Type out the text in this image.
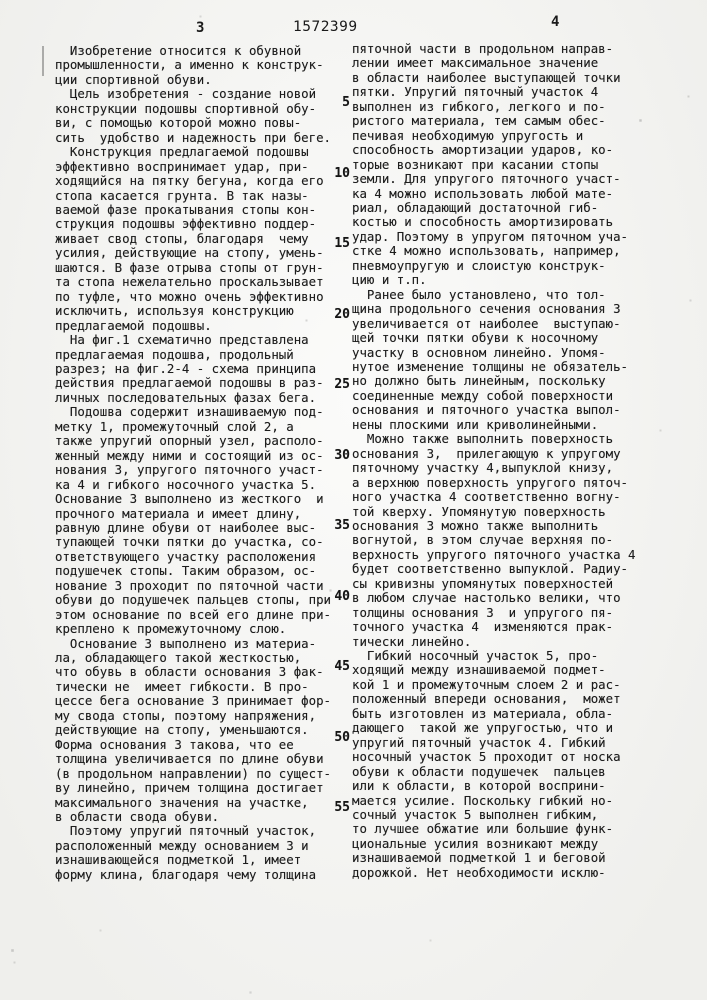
3	1572399	4
Изобретение относится к обувной
промышленности, а именно к конструк-
ции спортивной обуви.
Цель изобретения - создание новой
конструкции подошвы спортивной обу-
ви, с помощью которой можно повы-
сить  удобство и надежность при беге.
Конструкция предлагаемой подошвы
эффективно воспринимает удар, при-
ходящийся на пятку бегуна, когда его
стопа касается грунта. В так назы-
ваемой фазе прокатывания стопы кон-
струкция подошвы эффективно поддер-
живает свод стопы, благодаря  чему
усилия, действующие на стопу, умень-
шаются. В фазе отрыва стопы от грун-
та стопа нежелательно проскальзывает
по туфле, что можно очень эффективно
исключить, используя конструкцию
предлагаемой подошвы.
На фиг.1 схематично представлена
предлагаемая подошва, продольный
разрез; на фиг.2-4 - схема принципа
действия предлагаемой подошвы в раз-
личных последовательных фазах бега.
Подошва содержит изнашиваемую под-
метку 1, промежуточный слой 2, а
также упругий опорный узел, располо-
женный между ними и состоящий из ос-
нования 3, упругого пяточного участ-
ка 4 и гибкого носочного участка 5.
Основание 3 выполнено из жесткого  и
прочного материала и имеет длину,
равную длине обуви от наиболее выс-
тупающей точки пятки до участка, со-
ответствующего участку расположения
подушечек стопы. Таким образом, ос-
нование 3 проходит по пяточной части
обуви до подушечек пальцев стопы, при
этом основание по всей его длине при-
креплено к промежуточному слою.
Основание 3 выполнено из материа-
ла, обладающего такой жесткостью,
что обувь в области основания 3 фак-
тически не  имеет гибкости. В про-
цессе бега основание 3 принимает фор-
му свода стопы, поэтому напряжения,
действующие на стопу, уменьшаются.
Форма основания 3 такова, что ее
толщина увеличивается по длине обуви
(в продольном направлении) по сущест-
ву линейно, причем толщина достигает
максимального значения на участке,
в области свода обуви.
Поэтому упругий пяточный участок,
расположенный между основанием 3 и
изнашивающейся подметкой 1, имеет
форму клина, благодаря чему толщина
пяточной части в продольном направ-
лении имеет максимальное значение
в области наиболее выступающей точки
пятки. Упругий пяточный участок 4
выполнен из гибкого, легкого и по-
ристого материала, тем самым обес-
печивая необходимую упругость и
способность амортизации ударов, ко-
торые возникают при касании стопы
земли. Для упругого пяточного участ-
ка 4 можно использовать любой мате-
риал, обладающий достаточной гиб-
костью и способность амортизировать
удар. Поэтому в упругом пяточном уча-
стке 4 можно использовать, например,
пневмоупругую и слоистую конструк-
цию и т.п.
Ранее было установлено, что тол-
щина продольного сечения основания 3
увеличивается от наиболее  выступаю-
щей точки пятки обуви к носочному
участку в основном линейно. Упомя-
нутое изменение толщины не обязатель-
но должно быть линейным, поскольку
соединенные между собой поверхности
основания и пяточного участка выпол-
нены плоскими или криволинейными.
Можно также выполнить поверхность
основания 3,  прилегающую к упругому
пяточному участку 4,выпуклой книзу,
а верхнюю поверхность упругого пяточ-
ного участка 4 соответственно вогну-
той кверху. Упомянутую поверхность
основания 3 можно также выполнить
вогнутой, в этом случае верхняя по-
верхность упругого пяточного участка 4
будет соответственно выпуклой. Радиу-
сы кривизны упомянутых поверхностей
в любом случае настолько велики, что
толщины основания 3  и упругого пя-
точного участка 4  изменяются прак-
тически линейно.
Гибкий носочный участок 5, про-
ходящий между изнашиваемой подмет-
кой 1 и промежуточным слоем 2 и рас-
положенный впереди основания,  может
быть изготовлен из материала, обла-
дающего  такой же упругостью, что и
упругий пяточный участок 4. Гибкий
носочный участок 5 проходит от носка
обуви к области подушечек  пальцев
или к области, в которой восприни-
мается усилие. Поскольку гибкий но-
сочный участок 5 выполнен гибким,
то лучшее обжатие или большие функ-
циональные усилия возникают между
изнашиваемой подметкой 1 и беговой
дорожкой. Нет необходимости исклю-
5
10
15
20
25
30
35
40
45
50
55
